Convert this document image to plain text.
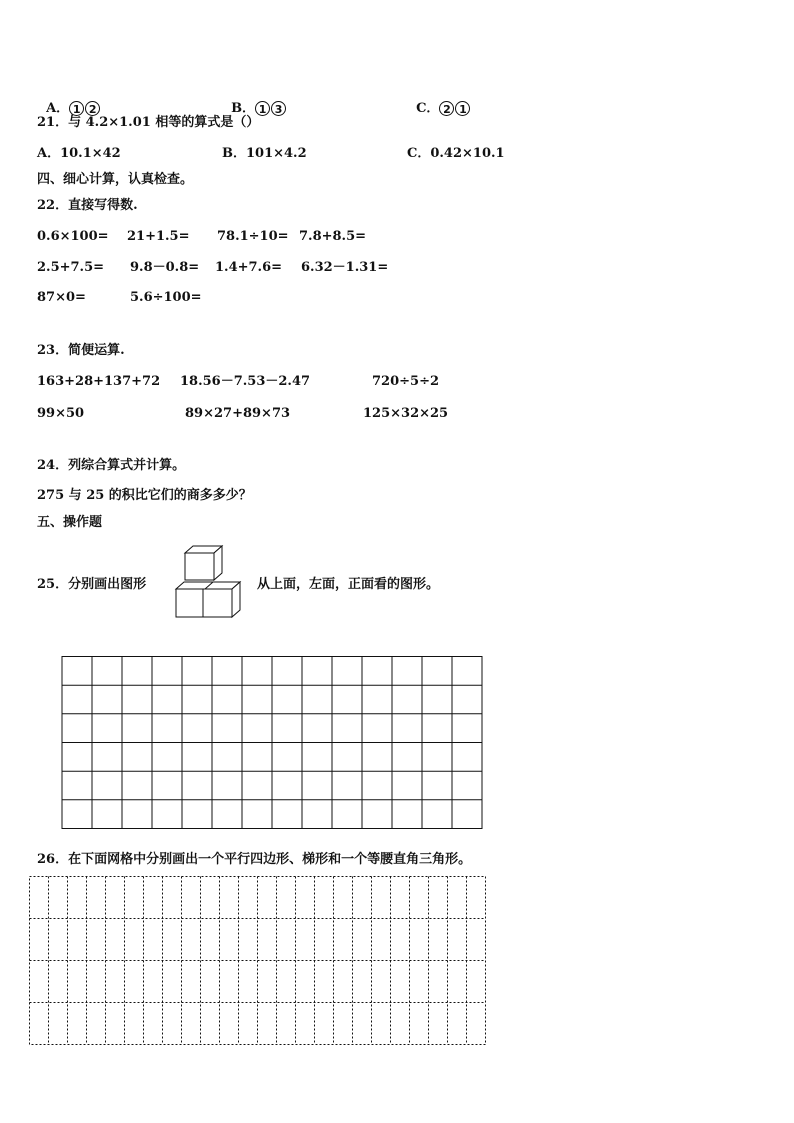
A． 1 2	B． 1 3	C． 2 1

21．与 4.2×1.01 相等的算式是（）
A．10.1×42	B．101×4.2	C．0.42×10.1
四、细心计算，认真检查。
22．直接写得数.
0.6×100= 21+1.5= 78.1÷10= 7.8+8.5=
2.5+7.5= 9.8－0.8= 1.4+7.6= 6.32－1.31=
87×0=	5.6÷100=
23．简便运算.
163+28+137+72 18.56－7.53－2.47	720÷5÷2
99×50	89×27+89×73	125×32×25
24．列综合算式并计算。
275 与 25 的积比它们的商多多少？
五、操作题
25．分别画出图形	从上面，左面，正面看的图形。
26．在下面网格中分别画出一个平行四边形、梯形和一个等腰直角三角形。
